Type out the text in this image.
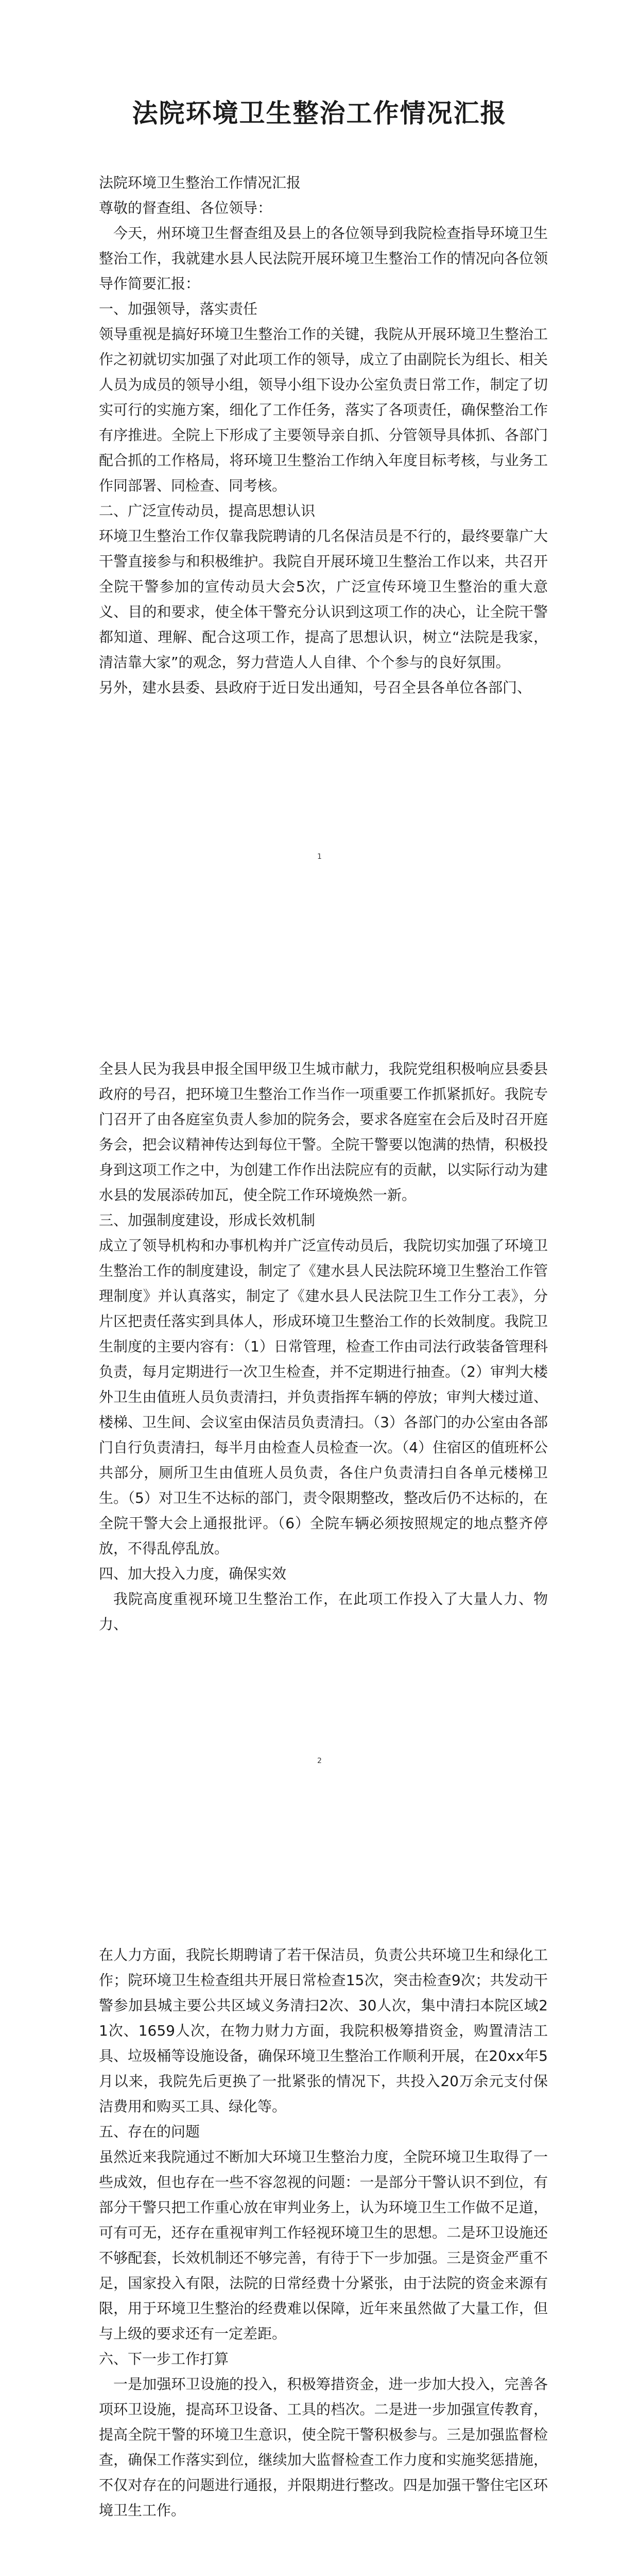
法院环境卫生整治工作情况汇报

法院环境卫生整治工作情况汇报

尊敬的督查组、各位领导：

今天，州环境卫生督查组及县上的各位领导到我院检查指导环境卫生整治工作，我就建水县人民法院开展环境卫生整治工作的情况向各位领导作简要汇报：

一、加强领导，落实责任

领导重视是搞好环境卫生整治工作的关键，我院从开展环境卫生整治工作之初就切实加强了对此项工作的领导，成立了由副院长为组长、相关人员为成员的领导小组，领导小组下设办公室负责日常工作，制定了切实可行的实施方案，细化了工作任务，落实了各项责任，确保整治工作有序推进。全院上下形成了主要领导亲自抓、分管领导具体抓、各部门配合抓的工作格局，将环境卫生整治工作纳入年度目标考核，与业务工作同部署、同检查、同考核。

二、广泛宣传动员，提高思想认识

环境卫生整治工作仅靠我院聘请的几名保洁员是不行的，最终要靠广大干警直接参与和积极维护。我院自开展环境卫生整治工作以来，共召开全院干警参加的宣传动员大会5次，广泛宣传环境卫生整治的重大意义、目的和要求，使全体干警充分认识到这项工作的决心，让全院干警都知道、理解、配合这项工作，提高了思想认识，树立“法院是我家，清洁靠大家”的观念，努力营造人人自律、个个参与的良好氛围。

另外，建水县委、县政府于近日发出通知，号召全县各单位各部门、

1

全县人民为我县申报全国甲级卫生城市献力，我院党组积极响应县委县政府的号召，把环境卫生整治工作当作一项重要工作抓紧抓好。我院专门召开了由各庭室负责人参加的院务会，要求各庭室在会后及时召开庭务会，把会议精神传达到每位干警。全院干警要以饱满的热情，积极投身到这项工作之中，为创建工作作出法院应有的贡献，以实际行动为建水县的发展添砖加瓦，使全院工作环境焕然一新。

三、加强制度建设，形成长效机制

成立了领导机构和办事机构并广泛宣传动员后，我院切实加强了环境卫生整治工作的制度建设，制定了《建水县人民法院环境卫生整治工作管理制度》并认真落实，制定了《建水县人民法院卫生工作分工表》，分片区把责任落实到具体人，形成环境卫生整治工作的长效制度。我院卫生制度的主要内容有：（1）日常管理，检查工作由司法行政装备管理科负责，每月定期进行一次卫生检查，并不定期进行抽查。（2）审判大楼外卫生由值班人员负责清扫，并负责指挥车辆的停放；审判大楼过道、楼梯、卫生间、会议室由保洁员负责清扫。（3）各部门的办公室由各部门自行负责清扫，每半月由检查人员检查一次。（4）住宿区的值班杯公共部分，厕所卫生由值班人员负责，各住户负责清扫自各单元楼梯卫生。（5）对卫生不达标的部门，责令限期整改，整改后仍不达标的，在全院干警大会上通报批评。（6）全院车辆必须按照规定的地点整齐停放，不得乱停乱放。

四、加大投入力度，确保实效

我院高度重视环境卫生整治工作，在此项工作投入了大量人力、物力、

2

在人力方面，我院长期聘请了若干保洁员，负责公共环境卫生和绿化工作；院环境卫生检查组共开展日常检查15次，突击检查9次；共发动干警参加县城主要公共区域义务清扫2次、30人次，集中清扫本院区域21次、1659人次，在物力财力方面，我院积极筹措资金，购置清洁工具、垃圾桶等设施设备，确保环境卫生整治工作顺利开展，在20xx年5月以来，我院先后更换了一批紧张的情况下，共投入20万余元支付保洁费用和购买工具、绿化等。

五、存在的问题

虽然近来我院通过不断加大环境卫生整治力度，全院环境卫生取得了一些成效，但也存在一些不容忽视的问题：一是部分干警认识不到位，有部分干警只把工作重心放在审判业务上，认为环境卫生工作做不足道，可有可无，还存在重视审判工作轻视环境卫生的思想。二是环卫设施还不够配套，长效机制还不够完善，有待于下一步加强。三是资金严重不足，国家投入有限，法院的日常经费十分紧张，由于法院的资金来源有限，用于环境卫生整治的经费难以保障，近年来虽然做了大量工作，但与上级的要求还有一定差距。

六、下一步工作打算

一是加强环卫设施的投入，积极筹措资金，进一步加大投入，完善各项环卫设施，提高环卫设备、工具的档次。二是进一步加强宣传教育，提高全院干警的环境卫生意识，使全院干警积极参与。三是加强监督检查，确保工作落实到位，继续加大监督检查工作力度和实施奖惩措施，不仅对存在的问题进行通报，并限期进行整改。四是加强干警住宅区环境卫生工作。
